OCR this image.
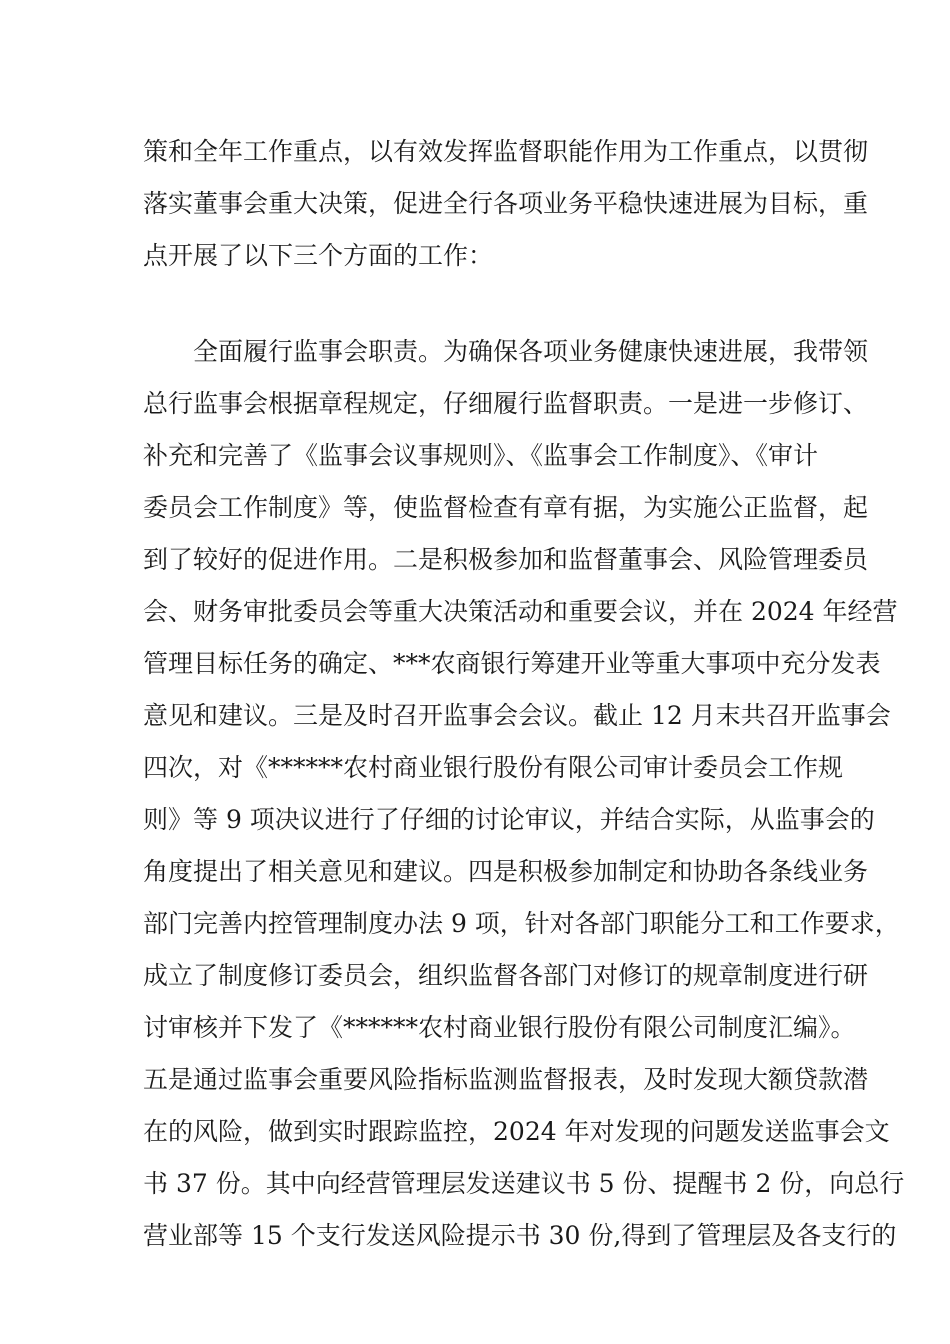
策和全年工作重点，以有效发挥监督职能作用为工作重点，以贯彻
落实董事会重大决策，促进全行各项业务平稳快速进展为目标，重
点开展了以下三个方面的工作：
全面履行监事会职责。为确保各项业务健康快速进展，我带领
总行监事会根据章程规定，仔细履行监督职责。一是进一步修订、
补充和完善了《监事会议事规则》、《监事会工作制度》、《审计
委员会工作制度》等，使监督检查有章有据，为实施公正监督，起
到了较好的促进作用。二是积极参加和监督董事会、风险管理委员
会、财务审批委员会等重大决策活动和重要会议，并在 2024 年经营
管理目标任务的确定、***农商银行筹建开业等重大事项中充分发表
意见和建议。三是及时召开监事会会议。截止 12 月末共召开监事会
四次，对《******农村商业银行股份有限公司审计委员会工作规
则》等 9 项决议进行了仔细的讨论审议，并结合实际，从监事会的
角度提出了相关意见和建议。四是积极参加制定和协助各条线业务
部门完善内控管理制度办法 9 项，针对各部门职能分工和工作要求，
成立了制度修订委员会，组织监督各部门对修订的规章制度进行研
讨审核并下发了《******农村商业银行股份有限公司制度汇编》。
五是通过监事会重要风险指标监测监督报表，及时发现大额贷款潜
在的风险，做到实时跟踪监控，2024 年对发现的问题发送监事会文
书 37 份。其中向经营管理层发送建议书 5 份、提醒书 2 份，向总行
营业部等 15 个支行发送风险提示书 30 份,得到了管理层及各支行的
